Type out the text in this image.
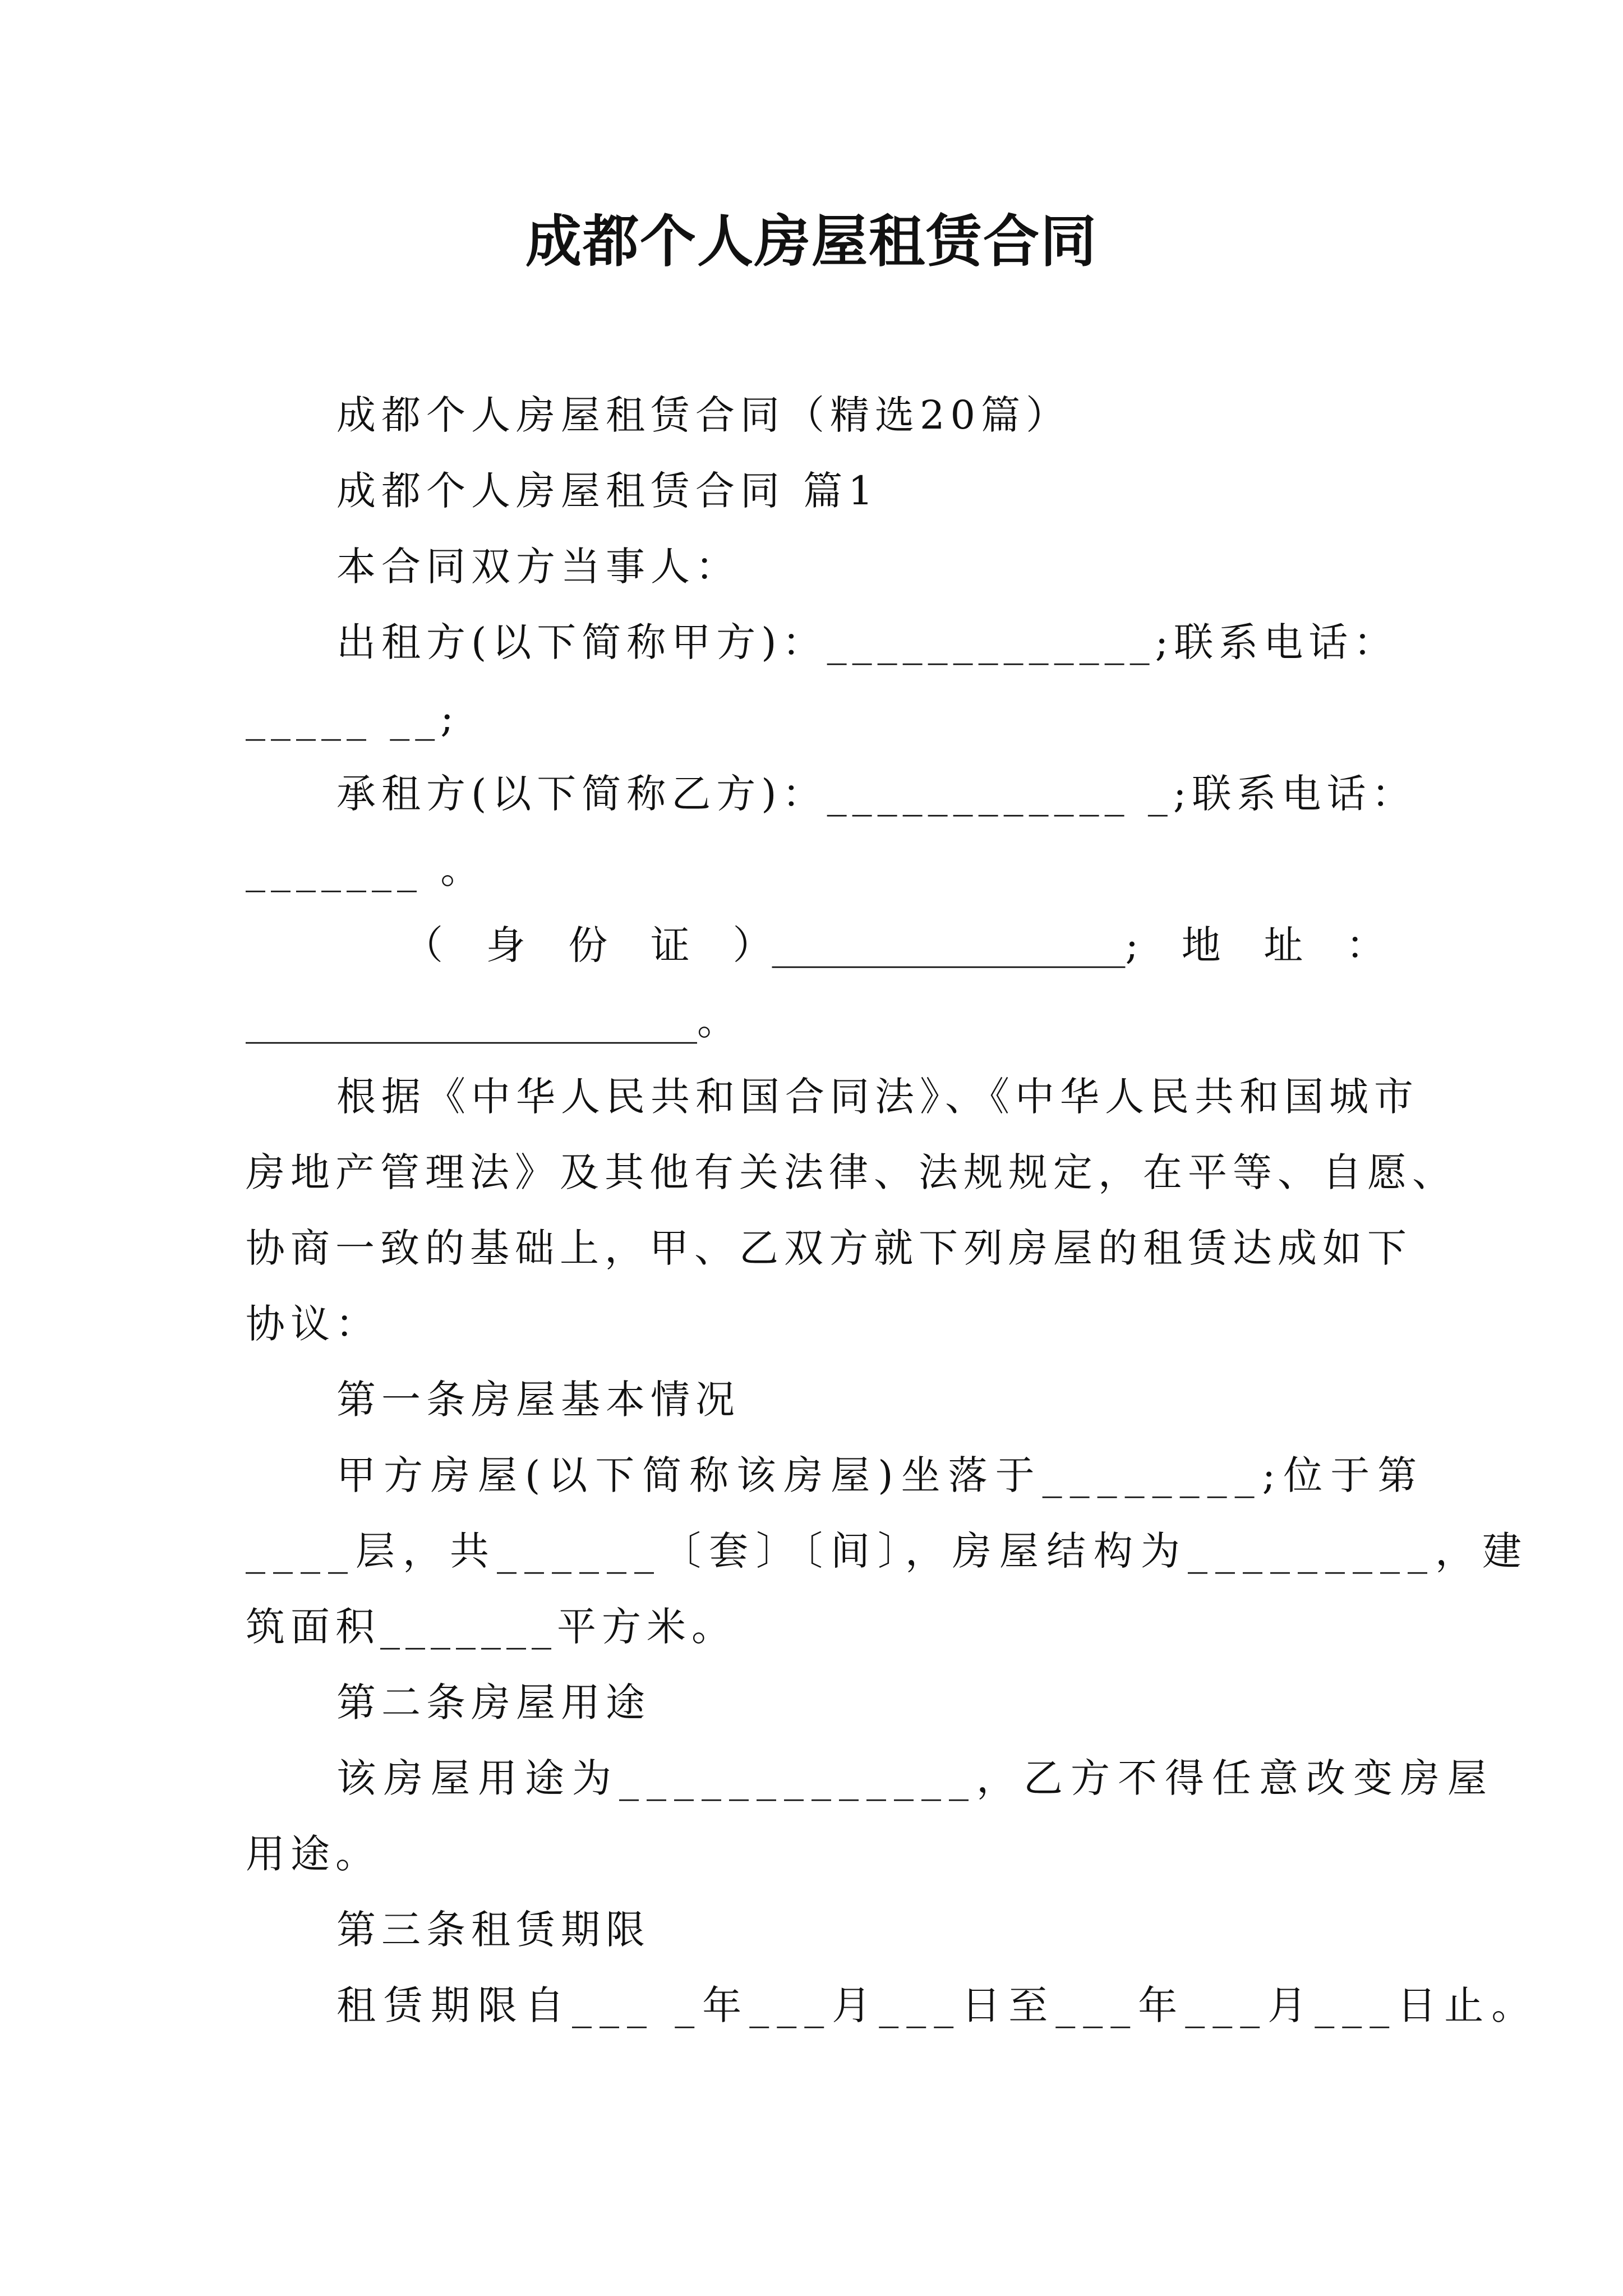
成都个人房屋租赁合同
成都个人房屋租赁合同（精选20篇）
成都个人房屋租赁合同 篇1
本合同双方当事人：
出租方(以下简称甲方)：_____________;联系电话：
_____ __;
承租方(以下简称乙方)：____________ _;联系电话：
_______ 。
（ 身 份 证 ）__________________; 地 址 ：
_______________________。
根据《中华人民共和国合同法》、《中华人民共和国城市
房地产管理法》及其他有关法律、法规规定，在平等、自愿、
协商一致的基础上，甲、乙双方就下列房屋的租赁达成如下
协议：
第一条房屋基本情况
甲方房屋(以下简称该房屋)坐落于________;位于第
____层，共______〔套〕〔间〕，房屋结构为_________，建
筑面积_______平方米。
第二条房屋用途
该房屋用途为_____________，乙方不得任意改变房屋
用途。
第三条租赁期限
租赁期限自___ _年___月___日至___年___月___日止。
